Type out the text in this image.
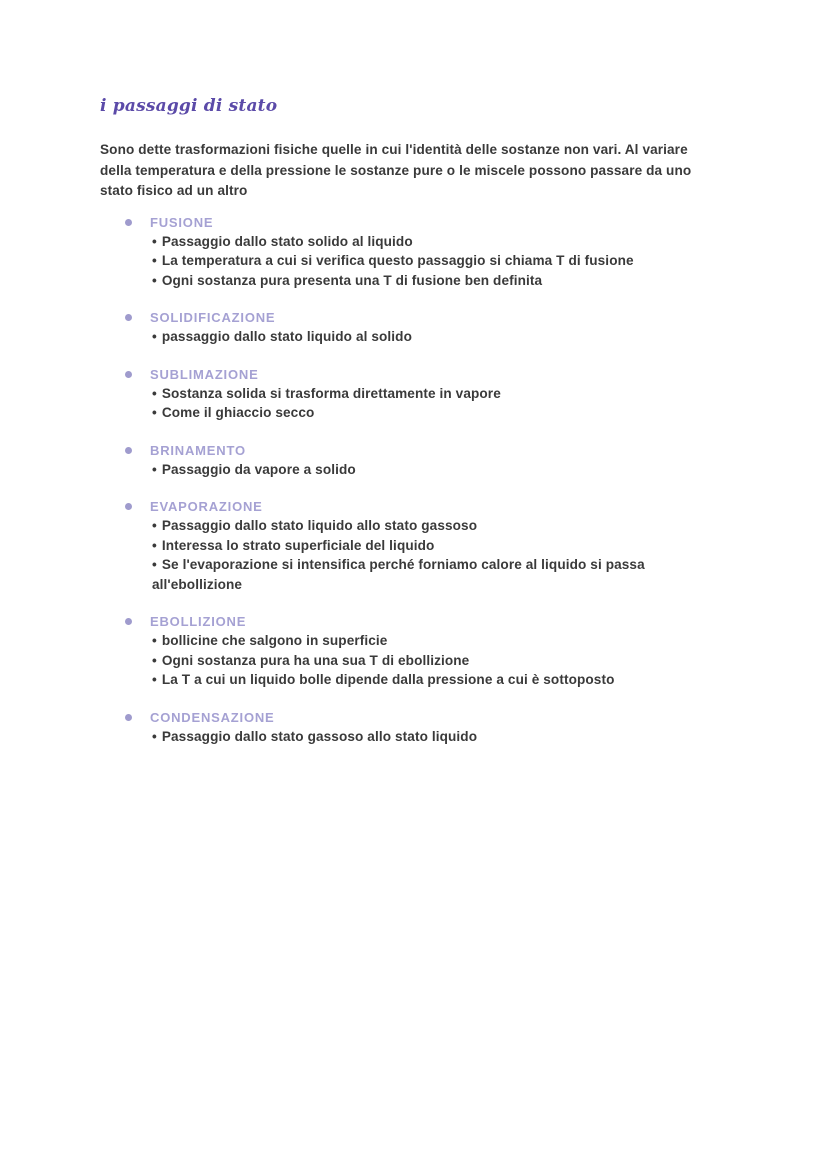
i passaggi di stato
Sono dette trasformazioni fisiche quelle in cui l'identità delle sostanze non vari. Al variare della temperatura e della pressione le sostanze pure o le miscele possono passare da uno stato fisico ad un altro
FUSIONE
• Passaggio dallo stato solido al liquido
• La temperatura a cui si verifica questo passaggio si chiama T di fusione
• Ogni sostanza pura presenta una T di fusione ben definita
SOLIDIFICAZIONE
• passaggio dallo stato liquido al solido
SUBLIMAZIONE
• Sostanza solida si trasforma direttamente in vapore
• Come il ghiaccio secco
BRINAMENTO
• Passaggio da vapore a solido
EVAPORAZIONE
• Passaggio dallo stato liquido allo stato gassoso
• Interessa lo strato superficiale del liquido
• Se l'evaporazione si intensifica perché forniamo calore al liquido si passa all'ebollizione
EBOLLIZIONE
• bollicine che salgono in superficie
• Ogni sostanza pura ha una sua T di ebollizione
• La T a cui un liquido bolle dipende dalla pressione a cui è sottoposto
CONDENSAZIONE
• Passaggio dallo stato gassoso allo stato liquido
